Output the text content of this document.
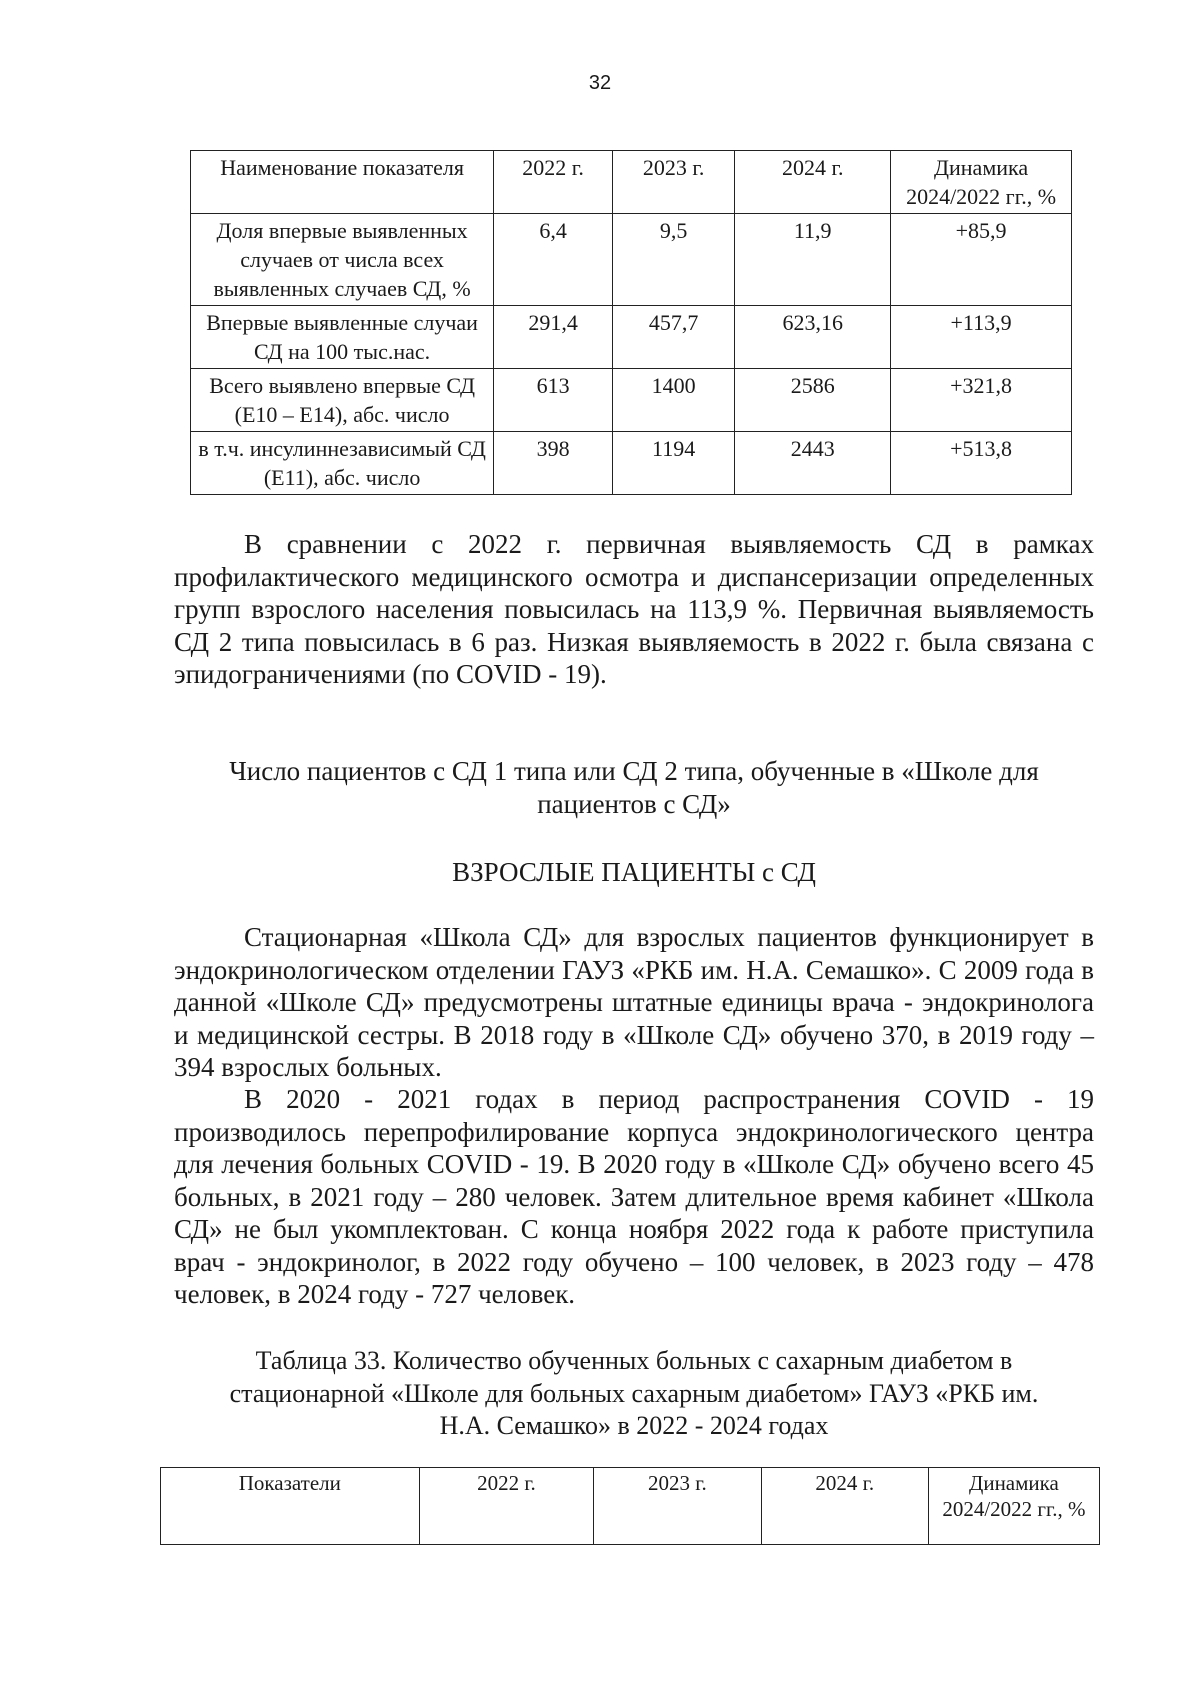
32
Наименование показателя	2022 г.	2023 г.	2024 г.	Динамика 2024/2022 гг., %
Доля впервые выявленных случаев от числа всех выявленных случаев СД, %	6,4	9,5	11,9	+85,9
Впервые выявленные случаи СД на 100 тыс.нас.	291,4	457,7	623,16	+113,9
Всего выявлено впервые СД (Е10 – Е14), абс. число	613	1400	2586	+321,8
в т.ч. инсулиннезависимый СД (Е11), абс. число	398	1194	2443	+513,8
В сравнении с 2022 г. первичная выявляемость СД в рамках профилактического медицинского осмотра и диспансеризации определенных групп взрослого населения повысилась на 113,9 %. Первичная выявляемость СД 2 типа повысилась в 6 раз. Низкая выявляемость в 2022 г. была связана с эпидограничениями (по COVID - 19).
Число пациентов с СД 1 типа или СД 2 типа, обученные в «Школе для пациентов с СД»
ВЗРОСЛЫЕ ПАЦИЕНТЫ с СД
Стационарная «Школа СД» для взрослых пациентов функционирует в эндокринологическом отделении ГАУЗ «РКБ им. Н.А. Семашко». С 2009 года в данной «Школе СД» предусмотрены штатные единицы врача - эндокринолога и медицинской сестры. В 2018 году в «Школе СД» обучено 370, в 2019 году – 394 взрослых больных.
В 2020 - 2021 годах в период распространения COVID - 19 производилось перепрофилирование корпуса эндокринологического центра для лечения больных COVID - 19. В 2020 году в «Школе СД» обучено всего 45 больных, в 2021 году – 280 человек. Затем длительное время кабинет «Школа СД» не был укомплектован. С конца ноября 2022 года к работе приступила врач - эндокринолог, в 2022 году обучено – 100 человек, в 2023 году – 478 человек, в 2024 году - 727 человек.
Таблица 33. Количество обученных больных с сахарным диабетом в стационарной «Школе для больных сахарным диабетом» ГАУЗ «РКБ им. Н.А. Семашко» в 2022 - 2024 годах
Показатели	2022 г.	2023 г.	2024 г.	Динамика 2024/2022 гг., %
